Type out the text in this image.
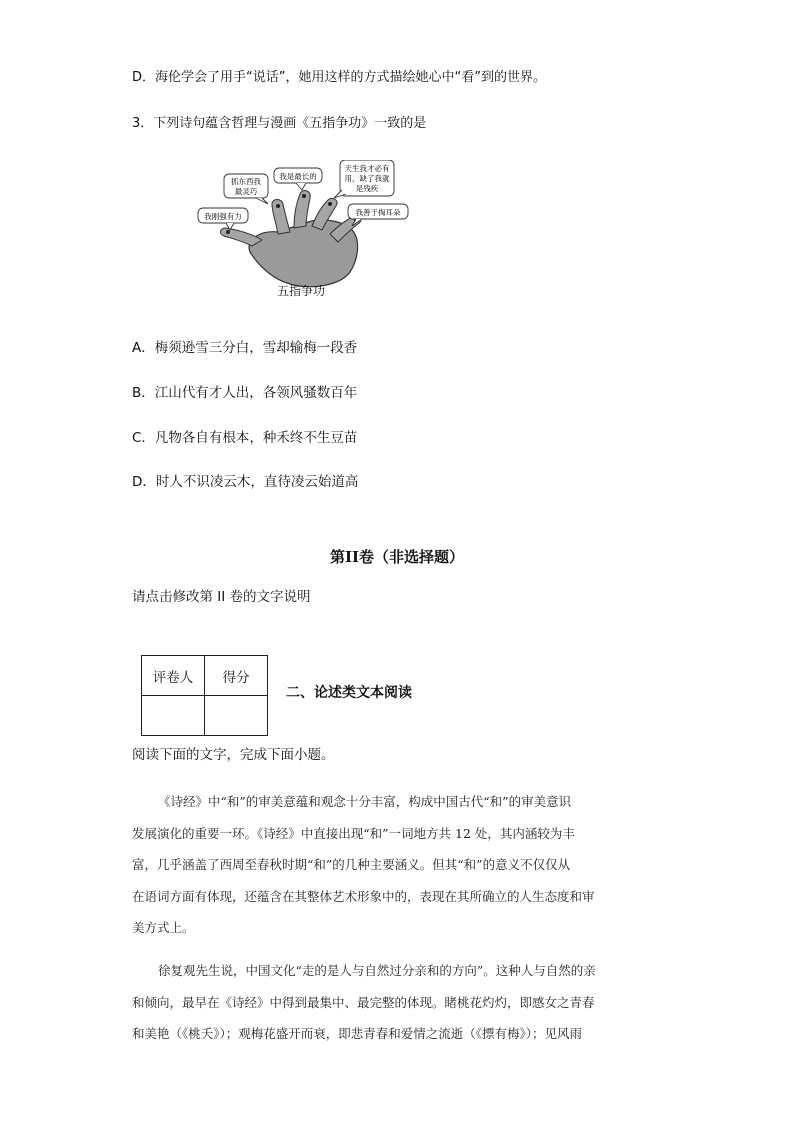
D．海伦学会了用手“说话”，她用这样的方式描绘她心中“看”到的世界。
3．下列诗句蕴含哲理与漫画《五指争功》一致的是
我刚强有力
抓东西我
最灵巧
我是最长的
天生我才必有
用，缺了我就
是残疾
我善于掏耳朵
五指争功
A．梅须逊雪三分白，雪却输梅一段香
B．江山代有才人出，各领风骚数百年
C．凡物各自有根本，种禾终不生豆苗
D．时人不识凌云木，直待凌云始道高
第II卷（非选择题）
请点击修改第 II 卷的文字说明
评卷人	得分

二、论述类文本阅读
阅读下面的文字，完成下面小题。
《诗经》中“和”的审美意蕴和观念十分丰富，构成中国古代“和”的审美意识
发展演化的重要一环。《诗经》中直接出现“和”一词地方共 12 处，其内涵较为丰
富，几乎涵盖了西周至春秋时期“和”的几种主要涵义。但其“和”的意义不仅仅从
在语词方面有体现，还蕴含在其整体艺术形象中的，表现在其所确立的人生态度和审
美方式上。
徐复观先生说，中国文化“走的是人与自然过分亲和的方向”。这种人与自然的亲
和倾向，最早在《诗经》中得到最集中、最完整的体现。睹桃花灼灼，即感女之青春
和美艳（《桃夭》）；观梅花盛开而衰，即悲青春和爱情之流逝（《摽有梅》）；见风雨
